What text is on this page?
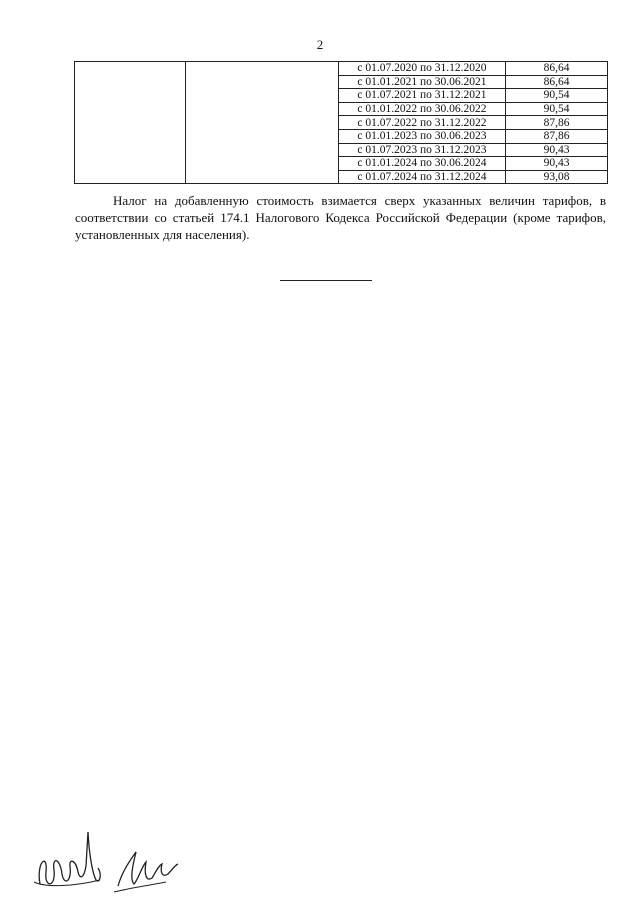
2
		с 01.07.2020 по 31.12.2020	86,64
		с 01.01.2021 по 30.06.2021	86,64
		с 01.07.2021 по 31.12.2021	90,54
		с 01.01.2022 по 30.06.2022	90,54
		с 01.07.2022 по 31.12.2022	87,86
		с 01.01.2023 по 30.06.2023	87,86
		с 01.07.2023 по 31.12.2023	90,43
		с 01.01.2024 по 30.06.2024	90,43
		с 01.07.2024 по 31.12.2024	93,08

Налог на добавленную стоимость взимается сверх указанных величин тарифов, в соответствии со статьей 174.1 Налогового Кодекса Российской Федерации (кроме тарифов, установленных для населения).
